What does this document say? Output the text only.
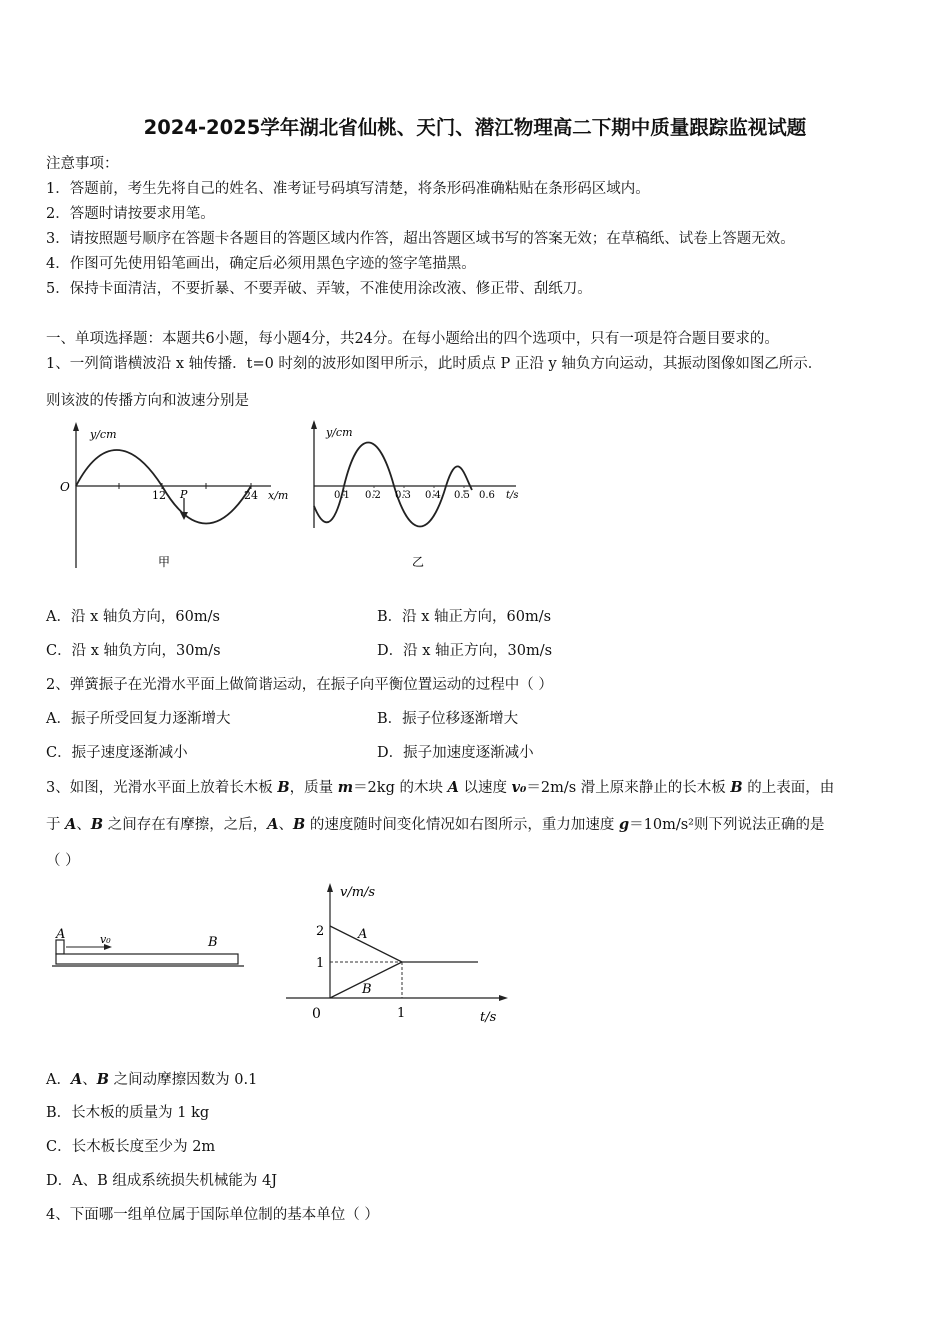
2024-2025学年湖北省仙桃、天门、潜江物理高二下期中质量跟踪监视试题
注意事项：
1．答题前，考生先将自己的姓名、准考证号码填写清楚，将条形码准确粘贴在条形码区域内。
2．答题时请按要求用笔。
3．请按照题号顺序在答题卡各题目的答题区域内作答，超出答题区域书写的答案无效；在草稿纸、试卷上答题无效。
4．作图可先使用铅笔画出，确定后必须用黑色字迹的签字笔描黑。
5．保持卡面清洁，不要折暴、不要弄破、弄皱，不准使用涂改液、修正带、刮纸刀。
一、单项选择题：本题共6小题，每小题4分，共24分。在每小题给出的四个选项中，只有一项是符合题目要求的。
1、一列简谐横波沿 x 轴传播．t=0 时刻的波形如图甲所示，此时质点 P 正沿 y 轴负方向运动，其振动图像如图乙所示．
则该波的传播方向和波速分别是
y/cm
O
12	24
P	x/m
甲
y/cm
0.1 0.2 0.3 0.4 0.5 0.6 t/s
乙
A．沿 x 轴负方向，60m/s	B．沿 x 轴正方向，60m/s
C．沿 x 轴负方向，30m/s	D．沿 x 轴正方向，30m/s
2、弹簧振子在光滑水平面上做简谐运动，在振子向平衡位置运动的过程中（ ）
A．振子所受回复力逐渐增大	B．振子位移逐渐增大
C．振子速度逐渐减小	D．振子加速度逐渐减小
3、如图，光滑水平面上放着长木板 B，质量 m＝2kg 的木块 A 以速度 v₀＝2m/s 滑上原来静止的长木板 B 的上表面，由
于 A、B 之间存在有摩擦，之后，A、B 的速度随时间变化情况如右图所示，重力加速度 g＝10m/s²则下列说法正确的是
（ ）
A	v₀	B
v/m/s
2
1
0	1	t/s
A
B
A．A、B 之间动摩擦因数为 0.1
B．长木板的质量为 1 kg
C．长木板长度至少为 2m
D．A、B 组成系统损失机械能为 4J
4、下面哪一组单位属于国际单位制的基本单位（ ）
